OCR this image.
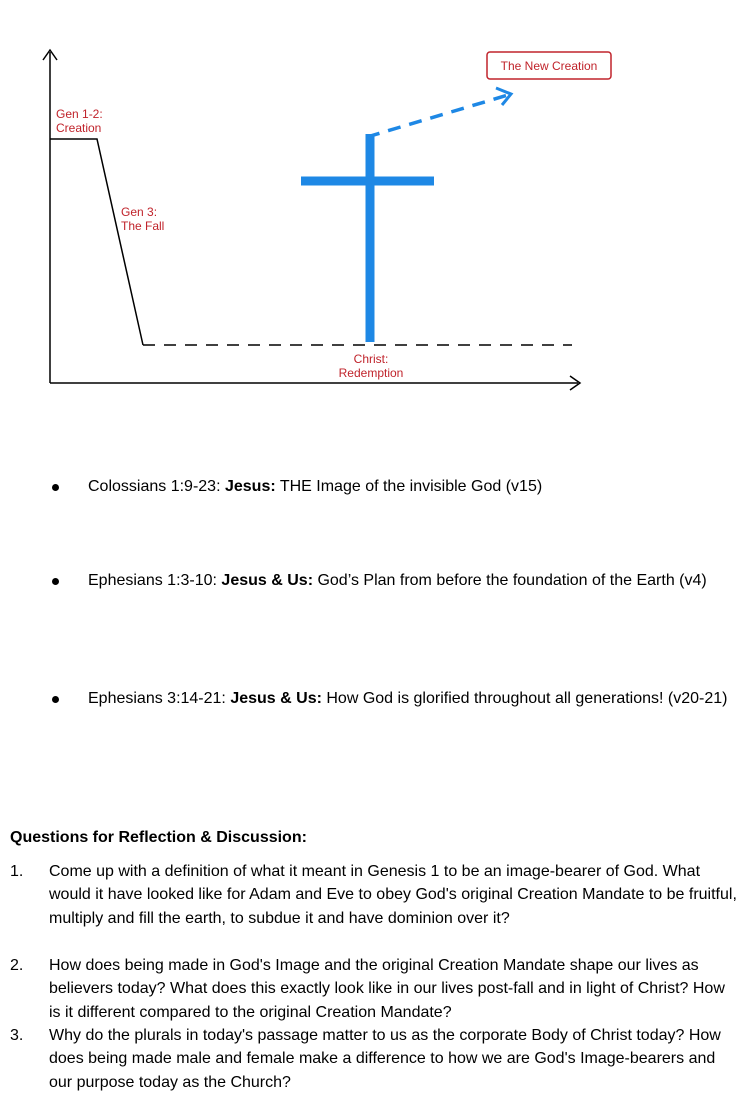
The New Creation
Gen 1-2:
Creation
Gen 3:
The Fall
Christ:
Redemption
Colossians 1:9-23: Jesus: THE Image of the invisible God (v15)
Ephesians 1:3-10: Jesus & Us: God’s Plan from before the foundation of the Earth (v4)
Ephesians 3:14-21: Jesus & Us: How God is glorified throughout all generations! (v20-21)
Questions for Reflection & Discussion:
1. Come up with a definition of what it meant in Genesis 1 to be an image-bearer of God. What would it have looked like for Adam and Eve to obey God's original Creation Mandate to be fruitful, multiply and fill the earth, to subdue it and have dominion over it?
2. How does being made in God's Image and the original Creation Mandate shape our lives as believers today? What does this exactly look like in our lives post-fall and in light of Christ? How is it different compared to the original Creation Mandate?
3. Why do the plurals in today's passage matter to us as the corporate Body of Christ today? How does being made male and female make a difference to how we are God's Image-bearers and our purpose today as the Church?
